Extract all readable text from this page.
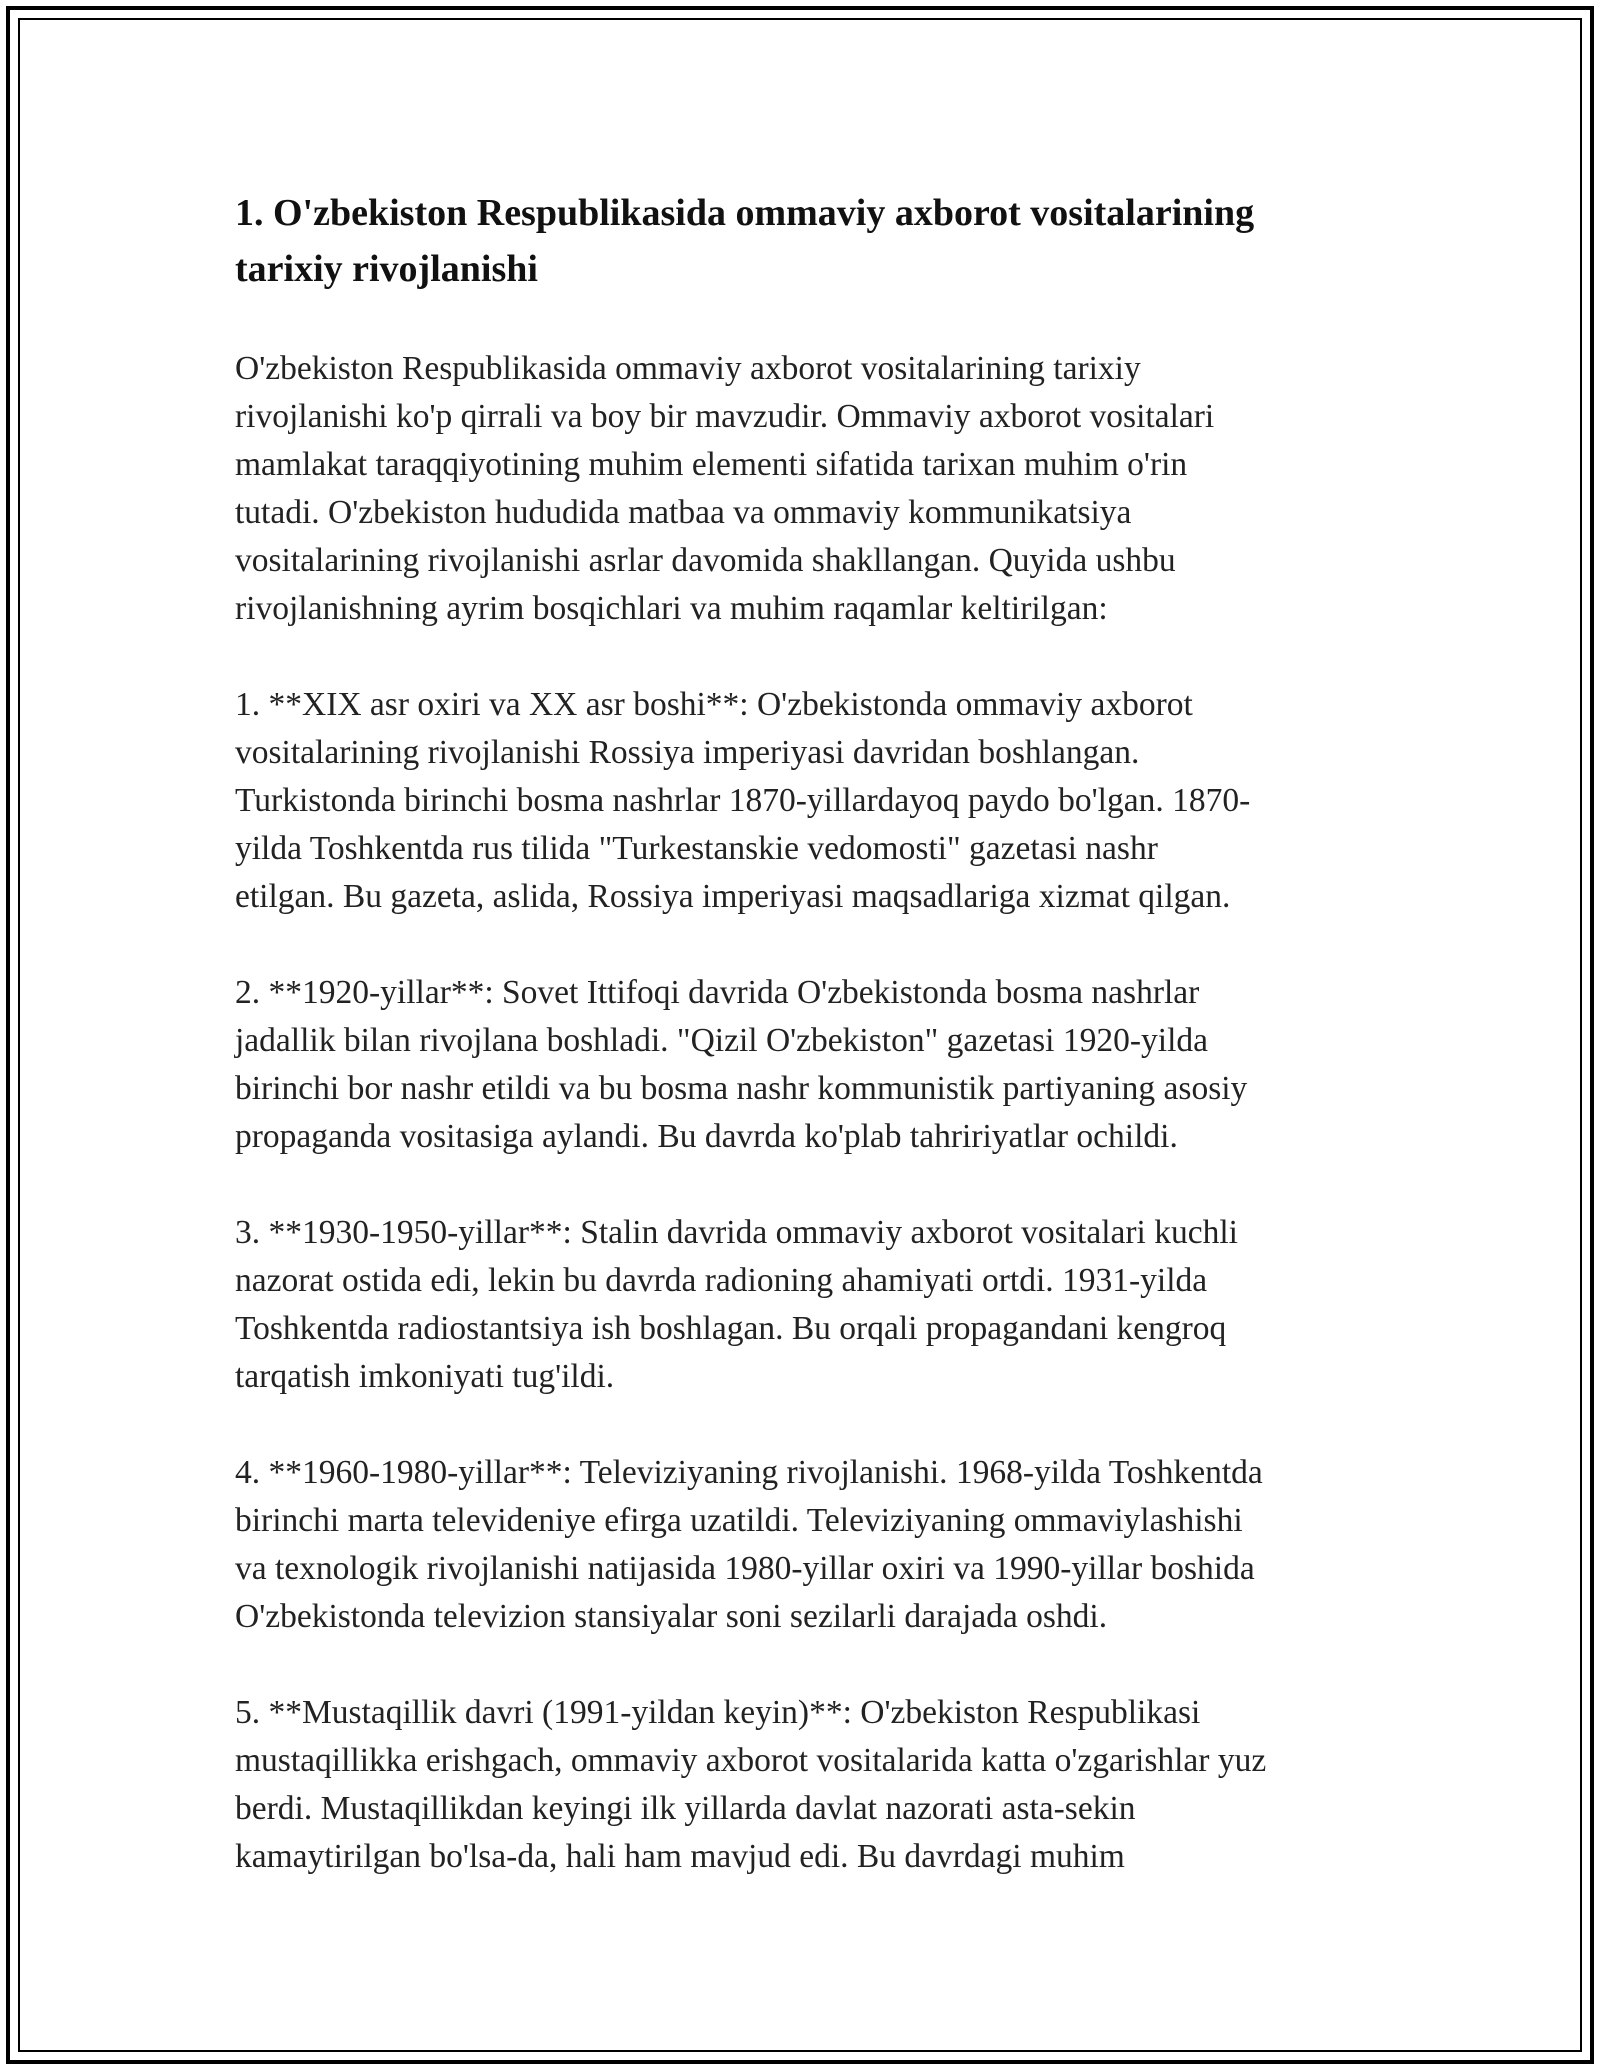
1. O'zbekiston Respublikasida ommaviy axborot vositalarining
tarixiy rivojlanishi

O'zbekiston Respublikasida ommaviy axborot vositalarining tarixiy
rivojlanishi ko'p qirrali va boy bir mavzudir. Ommaviy axborot vositalari
mamlakat taraqqiyotining muhim elementi sifatida tarixan muhim o'rin
tutadi. O'zbekiston hududida matbaa va ommaviy kommunikatsiya
vositalarining rivojlanishi asrlar davomida shakllangan. Quyida ushbu
rivojlanishning ayrim bosqichlari va muhim raqamlar keltirilgan:

1. **XIX asr oxiri va XX asr boshi**: O'zbekistonda ommaviy axborot
vositalarining rivojlanishi Rossiya imperiyasi davridan boshlangan.
Turkistonda birinchi bosma nashrlar 1870-yillardayoq paydo bo'lgan. 1870-
yilda Toshkentda rus tilida "Turkestanskie vedomosti" gazetasi nashr
etilgan. Bu gazeta, aslida, Rossiya imperiyasi maqsadlariga xizmat qilgan.

2. **1920-yillar**: Sovet Ittifoqi davrida O'zbekistonda bosma nashrlar
jadallik bilan rivojlana boshladi. "Qizil O'zbekiston" gazetasi 1920-yilda
birinchi bor nashr etildi va bu bosma nashr kommunistik partiyaning asosiy
propaganda vositasiga aylandi. Bu davrda ko'plab tahririyatlar ochildi.

3. **1930-1950-yillar**: Stalin davrida ommaviy axborot vositalari kuchli
nazorat ostida edi, lekin bu davrda radioning ahamiyati ortdi. 1931-yilda
Toshkentda radiostantsiya ish boshlagan. Bu orqali propagandani kengroq
tarqatish imkoniyati tug'ildi.

4. **1960-1980-yillar**: Televiziyaning rivojlanishi. 1968-yilda Toshkentda
birinchi marta televideniye efirga uzatildi. Televiziyaning ommaviylashishi
va texnologik rivojlanishi natijasida 1980-yillar oxiri va 1990-yillar boshida
O'zbekistonda televizion stansiyalar soni sezilarli darajada oshdi.

5. **Mustaqillik davri (1991-yildan keyin)**: O'zbekiston Respublikasi
mustaqillikka erishgach, ommaviy axborot vositalarida katta o'zgarishlar yuz
berdi. Mustaqillikdan keyingi ilk yillarda davlat nazorati asta-sekin
kamaytirilgan bo'lsa-da, hali ham mavjud edi. Bu davrdagi muhim
